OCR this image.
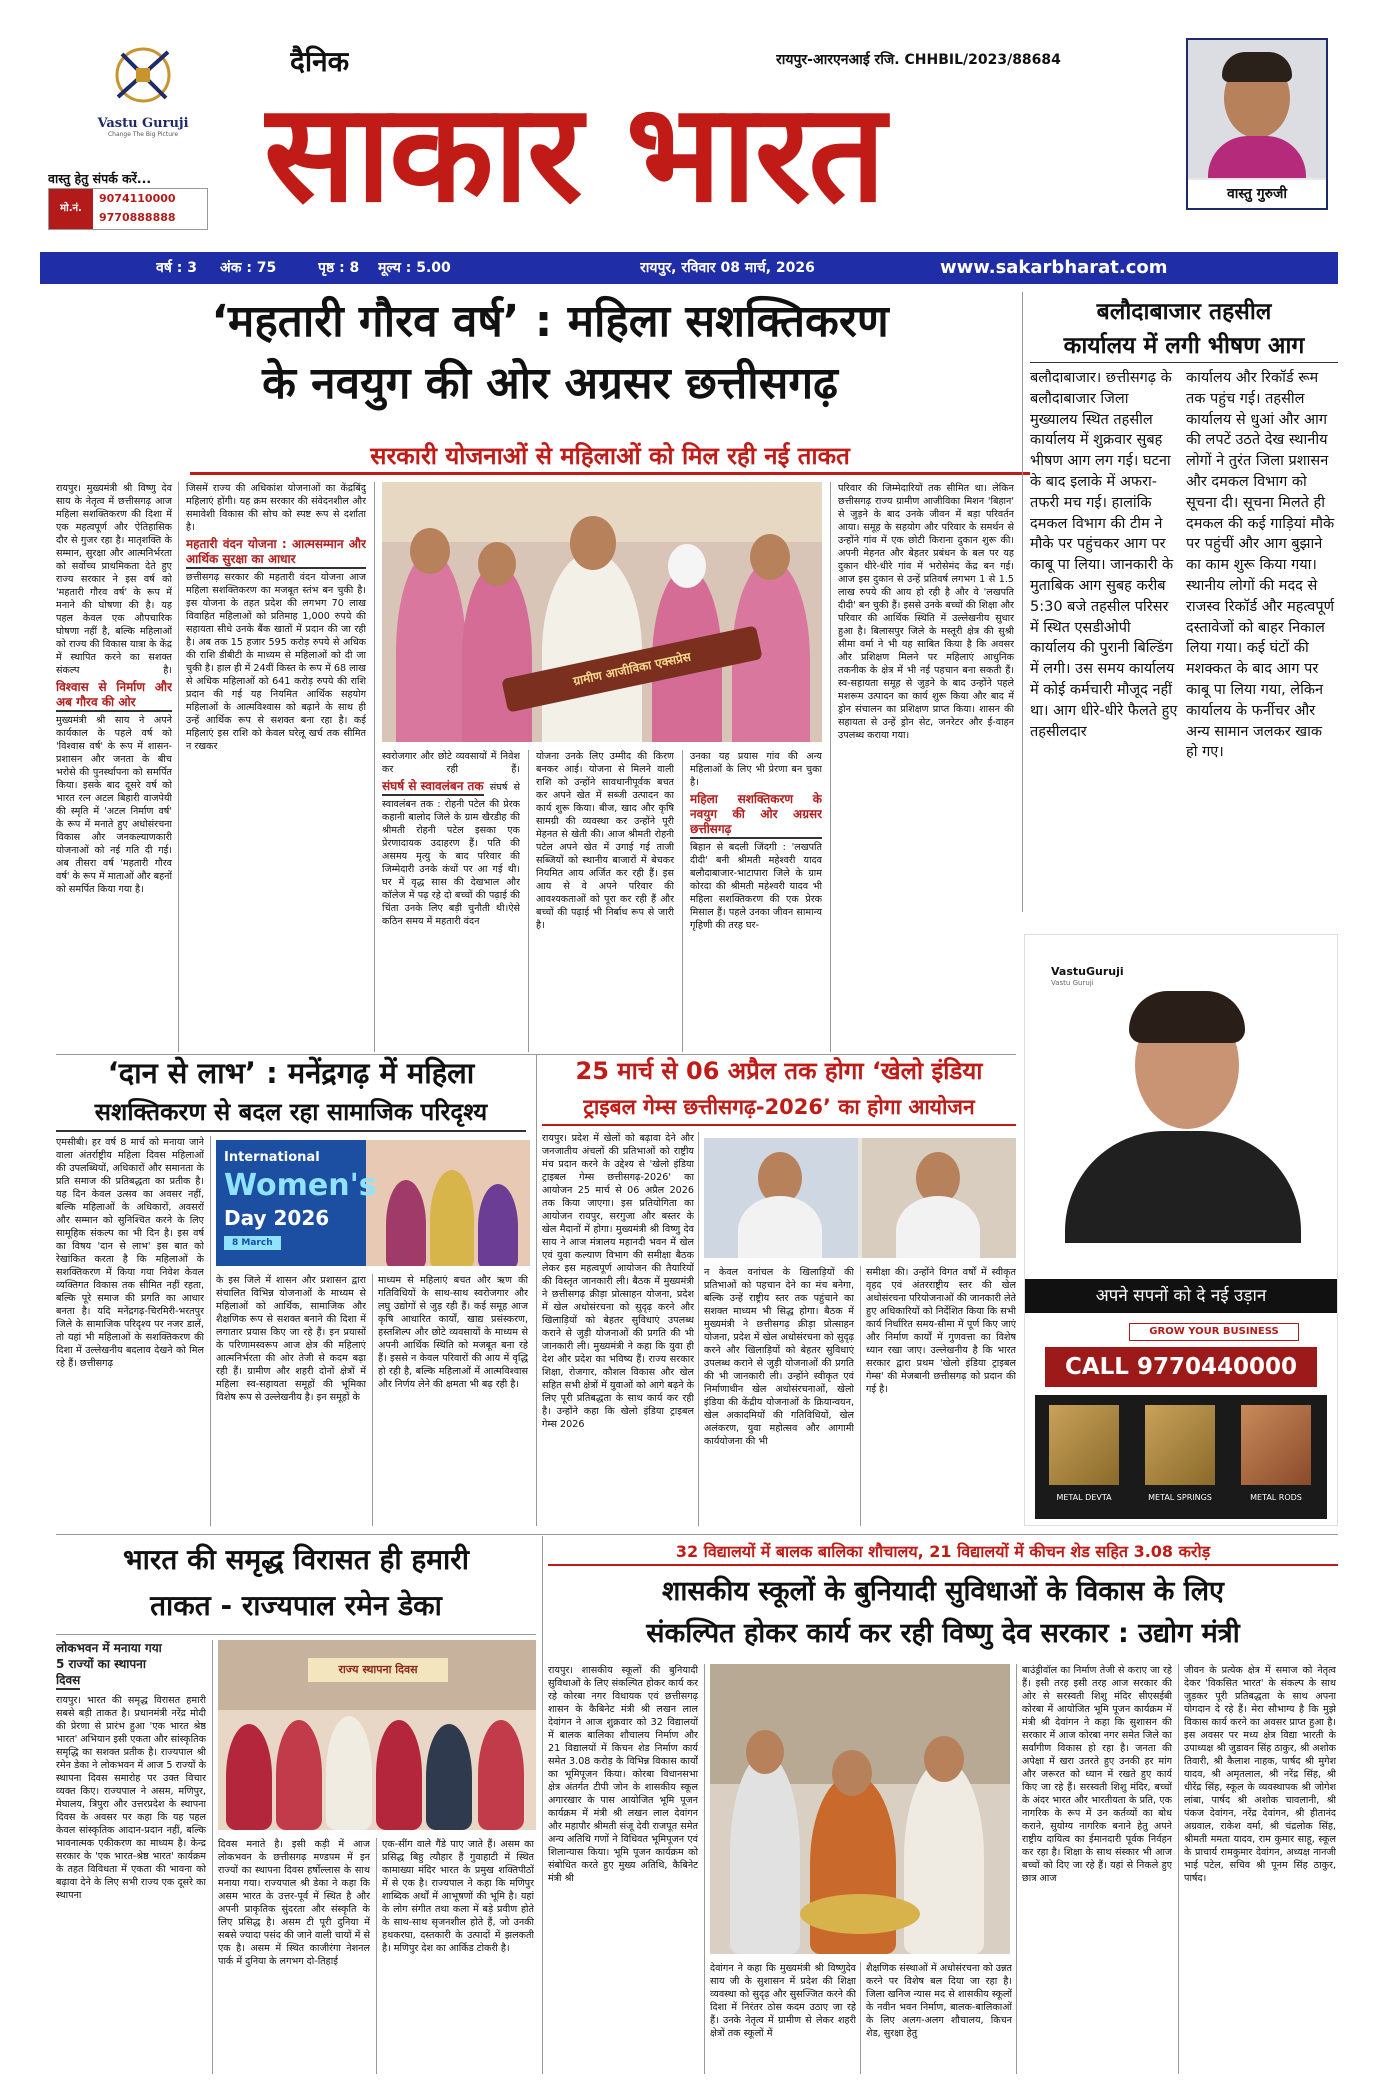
Vastu Guruji
Change The Big Picture
वास्तु हेतु संपर्क करें...
मो.नं.
9074110000
9770888888
दैनिक	रायपुर-आरएनआई रजि. CHHBIL/2023/88684
साकार भारत	वास्तु गुरुजी
वर्ष : 3 अंक : 75	पृष्ठ : 8 मूल्य : 5.00	रायपुर, रविवार 08 मार्च, 2026	www.sakarbharat.com
‘महतारी गौरव वर्ष’ : महिला सशक्तिकरण
के नवयुग की ओर अग्रसर छत्तीसगढ़
सरकारी योजनाओं से महिलाओं को मिल रही नई ताकत
रायपुर। मुख्यमंत्री श्री विष्णु देव साय के नेतृत्व में छत्तीसगढ़ आज महिला सशक्तिकरण की दिशा में एक महत्वपूर्ण और ऐतिहासिक दौर से गुजर रहा है। मातृशक्ति के सम्मान, सुरक्षा और आत्मनिर्भरता को सर्वोच्च प्राथमिकता देते हुए राज्य सरकार ने इस वर्ष को 'महतारी गौरव वर्ष' के रूप में मनाने की घोषणा की है। यह पहल केवल एक औपचारिक घोषणा नहीं है, बल्कि महिलाओं को राज्य की विकास यात्रा के केंद्र में स्थापित करने का सशक्त संकल्प है। विश्वास से निर्माण और अब गौरव की ओर मुख्यमंत्री श्री साय ने अपने कार्यकाल के पहले वर्ष को 'विश्वास वर्ष' के रूप में शासन-प्रशासन और जनता के बीच भरोसे की पुनर्स्थापना को समर्पित किया। इसके बाद दूसरे वर्ष को भारत रत्न अटल बिहारी वाजपेयी की स्मृति में 'अटल निर्माण वर्ष' के रूप में मनाते हुए अधोसंरचना विकास और जनकल्याणकारी योजनाओं को नई गति दी गई। अब तीसरा वर्ष 'महतारी गौरव वर्ष' के रूप में माताओं और बहनों को समर्पित किया गया है।
जिसमें राज्य की अधिकांश योजनाओं का केंद्रबिंदु महिलाएं होंगी। यह क्रम सरकार की संवेदनशील और समावेशी विकास की सोच को स्पष्ट रूप से दर्शाता है। महतारी वंदन योजना : आत्मसम्मान और आर्थिक सुरक्षा का आधार छत्तीसगढ़ सरकार की महतारी वंदन योजना आज महिला सशक्तिकरण का मजबूत स्तंभ बन चुकी है। इस योजना के तहत प्रदेश की लगभग 70 लाख विवाहित महिलाओं को प्रतिमाह 1,000 रुपये की सहायता सीधे उनके बैंक खातों में प्रदान की जा रही है। अब तक 15 हजार 595 करोड़ रुपये से अधिक की राशि डीबीटी के माध्यम से महिलाओं को दी जा चुकी है। हाल ही में 24वीं किस्त के रूप में 68 लाख से अधिक महिलाओं को 641 करोड़ रुपये की राशि प्रदान की गई यह नियमित आर्थिक सहयोग महिलाओं के आत्मविश्वास को बढ़ाने के साथ ही उन्हें आर्थिक रूप से सशक्त बना रहा है। कई महिलाएं इस राशि को केवल घरेलू खर्च तक सीमित न रखकर
ग्रामीण आजीविका एक्सप्रेस
स्वरोजगार और छोटे व्यवसायों में निवेश कर रही हैं। संघर्ष से स्वावलंबन तक संघर्ष से स्वावलंबन तक : रोहनी पटेल की प्रेरक कहानी बालोद जिले के ग्राम खैरडीह की श्रीमती रोहनी पटेल इसका एक प्रेरणादायक उदाहरण हैं। पति की असमय मृत्यु के बाद परिवार की जिम्मेदारी उनके कंधों पर आ गई थी। घर में वृद्ध सास की देखभाल और कॉलेज में पढ़ रहे दो बच्चों की पढ़ाई की चिंता उनके लिए बड़ी चुनौती थी।ऐसे कठिन समय में महतारी वंदन
योजना उनके लिए उम्मीद की किरण बनकर आई। योजना से मिलने वाली राशि को उन्होंने सावधानीपूर्वक बचत कर अपने खेत में सब्जी उत्पादन का कार्य शुरू किया। बीज, खाद और कृषि सामग्री की व्यवस्था कर उन्होंने पूरी मेहनत से खेती की। आज श्रीमती रोहनी पटेल अपने खेत में उगाई गई ताजी सब्जियों को स्थानीय बाजारों में बेचकर नियमित आय अर्जित कर रही हैं। इस आय से वे अपने परिवार की आवश्यकताओं को पूरा कर रही हैं और बच्चों की पढ़ाई भी निर्बाध रूप से जारी है।
उनका यह प्रयास गांव की अन्य महिलाओं के लिए भी प्रेरणा बन चुका है। महिला सशक्तिकरण के नवयुग की ओर अग्रसर छत्तीसगढ़ बिहान से बदली जिंदगी : 'लखपति दीदी' बनी श्रीमती महेश्वरी यादव बलौदाबाजार-भाटापारा जिले के ग्राम कोरदा की श्रीमती महेश्वरी यादव भी महिला सशक्तिकरण की एक प्रेरक मिसाल हैं। पहले उनका जीवन सामान्य गृहिणी की तरह घर-
परिवार की जिम्मेदारियों तक सीमित था। लेकिन छत्तीसगढ़ राज्य ग्रामीण आजीविका मिशन 'बिहान' से जुड़ने के बाद उनके जीवन में बड़ा परिवर्तन आया। समूह के सहयोग और परिवार के समर्थन से उन्होंने गांव में एक छोटी किराना दुकान शुरू की। अपनी मेहनत और बेहतर प्रबंधन के बल पर यह दुकान धीरे-धीरे गांव में भरोसेमंद केंद्र बन गई। आज इस दुकान से उन्हें प्रतिवर्ष लगभग 1 से 1.5 लाख रुपये की आय हो रही है और वे 'लखपति दीदी' बन चुकी हैं। इससे उनके बच्चों की शिक्षा और परिवार की आर्थिक स्थिति में उल्लेखनीय सुधार हुआ है। बिलासपुर जिले के मस्तूरी क्षेत्र की सुश्री सीमा वर्मा ने भी यह साबित किया है कि अवसर और प्रशिक्षण मिलने पर महिलाएं आधुनिक तकनीक के क्षेत्र में भी नई पहचान बना सकती हैं। स्व-सहायता समूह से जुड़ने के बाद उन्होंने पहले मशरूम उत्पादन का कार्य शुरू किया और बाद में ड्रोन संचालन का प्रशिक्षण प्राप्त किया। शासन की सहायता से उन्हें ड्रोन सेट, जनरेटर और ई-वाहन उपलब्ध कराया गया।
बलौदाबाजार तहसील
कार्यालय में लगी भीषण आग
बलौदाबाजार। छत्तीसगढ़ के बलौदाबाजार जिला मुख्यालय स्थित तहसील कार्यालय में शुक्रवार सुबह भीषण आग लग गई। घटना के बाद इलाके में अफरा-तफरी मच गई। हालांकि दमकल विभाग की टीम ने मौके पर पहुंचकर आग पर काबू पा लिया। जानकारी के मुताबिक आग सुबह करीब 5:30 बजे तहसील परिसर में स्थित एसडीओपी कार्यालय की पुरानी बिल्डिंग में लगी। उस समय कार्यालय में कोई कर्मचारी मौजूद नहीं था। आग धीरे-धीरे फैलते हुए तहसीलदार
कार्यालय और रिकॉर्ड रूम तक पहुंच गई। तहसील कार्यालय से धुआं और आग की लपटें उठते देख स्थानीय लोगों ने तुरंत जिला प्रशासन और दमकल विभाग को सूचना दी। सूचना मिलते ही दमकल की कई गाड़ियां मौके पर पहुंचीं और आग बुझाने का काम शुरू किया गया। स्थानीय लोगों की मदद से राजस्व रिकॉर्ड और महत्वपूर्ण दस्तावेजों को बाहर निकाल लिया गया। कई घंटों की मशक्कत के बाद आग पर काबू पा लिया गया, लेकिन कार्यालय के फर्नीचर और अन्य सामान जलकर खाक हो गए।
VastuGuruji
Vastu Guruji
अपने सपनों को दे नई उड़ान
GROW YOUR BUSINESS
CALL 9770440000
METAL DEVTA	METAL SPRINGS	METAL RODS
‘दान से लाभ’ : मनेंद्रगढ़ में महिला
सशक्तिकरण से बदल रहा सामाजिक परिदृश्य
एमसीबी। हर वर्ष 8 मार्च को मनाया जाने वाला अंतर्राष्ट्रीय महिला दिवस महिलाओं की उपलब्धियों, अधिकारों और समानता के प्रति समाज की प्रतिबद्धता का प्रतीक है। यह दिन केवल उत्सव का अवसर नहीं, बल्कि महिलाओं के अधिकारों, अवसरों और सम्मान को सुनिश्चित करने के लिए सामूहिक संकल्प का भी दिन है। इस वर्ष का विषय 'दान से लाभ' इस बात को रेखांकित करता है कि महिलाओं के सशक्तिकरण में किया गया निवेश केवल व्यक्तिगत विकास तक सीमित नहीं रहता, बल्कि पूरे समाज की प्रगति का आधार बनता है। यदि मनेंद्रगढ़-चिरमिरी-भरतपुर जिले के सामाजिक परिदृश्य पर नजर डालें, तो यहां भी महिलाओं के सशक्तिकरण की दिशा में उल्लेखनीय बदलाव देखने को मिल रहे हैं। छत्तीसगढ़
International
Women's
Day 2026
8 March
के इस जिले में शासन और प्रशासन द्वारा संचालित विभिन्न योजनाओं के माध्यम से महिलाओं को आर्थिक, सामाजिक और शैक्षणिक रूप से सशक्त बनाने की दिशा में लगातार प्रयास किए जा रहे हैं। इन प्रयासों के परिणामस्वरूप आज क्षेत्र की महिलाएं आत्मनिर्भरता की ओर तेजी से कदम बढ़ा रही हैं। ग्रामीण और शहरी दोनों क्षेत्रों में महिला स्व-सहायता समूहों की भूमिका विशेष रूप से उल्लेखनीय है। इन समूहों के
माध्यम से महिलाएं बचत और ऋण की गतिविधियों के साथ-साथ स्वरोजगार और लघु उद्योगों से जुड़ रही हैं। कई समूह आज कृषि आधारित कार्यों, खाद्य प्रसंस्करण, हस्तशिल्प और छोटे व्यवसायों के माध्यम से अपनी आर्थिक स्थिति को मजबूत बना रहे हैं। इससे न केवल परिवारों की आय में वृद्धि हो रही है, बल्कि महिलाओं में आत्मविश्वास और निर्णय लेने की क्षमता भी बढ़ रही है।
25 मार्च से 06 अप्रैल तक होगा ‘खेलो इंडिया
ट्राइबल गेम्स छत्तीसगढ़-2026’ का होगा आयोजन
रायपुर। प्रदेश में खेलों को बढ़ावा देने और जनजातीय अंचलों की प्रतिभाओं को राष्ट्रीय मंच प्रदान करने के उद्देश्य से 'खेलो इंडिया ट्राइबल गेम्स छत्तीसगढ़-2026' का आयोजन 25 मार्च से 06 अप्रैल 2026 तक किया जाएगा। इस प्रतियोगिता का आयोजन रायपुर, सरगुजा और बस्तर के खेल मैदानों में होगा। मुख्यमंत्री श्री विष्णु देव साय ने आज मंत्रालय महानदी भवन में खेल एवं युवा कल्याण विभाग की समीक्षा बैठक लेकर इस महत्वपूर्ण आयोजन की तैयारियों की विस्तृत जानकारी ली। बैठक में मुख्यमंत्री ने छत्तीसगढ़ क्रीड़ा प्रोत्साहन योजना, प्रदेश में खेल अधोसंरचना को सुदृढ़ करने और खिलाड़ियों को बेहतर सुविधाएं उपलब्ध कराने से जुड़ी योजनाओं की प्रगति की भी जानकारी ली। मुख्यमंत्री ने कहा कि युवा ही देश और प्रदेश का भविष्य हैं। राज्य सरकार शिक्षा, रोजगार, कौशल विकास और खेल सहित सभी क्षेत्रों में युवाओं को आगे बढ़ने के लिए पूरी प्रतिबद्धता के साथ कार्य कर रही है। उन्होंने कहा कि खेलो इंडिया ट्राइबल गेम्स 2026
न केवल वनांचल के खिलाड़ियों की प्रतिभाओं को पहचान देने का मंच बनेगा, बल्कि उन्हें राष्ट्रीय स्तर तक पहुंचाने का सशक्त माध्यम भी सिद्ध होगा। बैठक में मुख्यमंत्री ने छत्तीसगढ़ क्रीड़ा प्रोत्साहन योजना, प्रदेश में खेल अधोसंरचना को सुदृढ़ करने और खिलाड़ियों को बेहतर सुविधाएं उपलब्ध कराने से जुड़ी योजनाओं की प्रगति की भी जानकारी ली। उन्होंने स्वीकृत एवं निर्माणाधीन खेल अधोसंरचनाओं, खेलो इंडिया की केंद्रीय योजनाओं के क्रियान्वयन, खेल अकादमियों की गतिविधियों, खेल अलंकरण, युवा महोत्सव और आगामी कार्ययोजना की भी
समीक्षा की। उन्होंने विगत वर्षों में स्वीकृत वृहद एवं अंतरराष्ट्रीय स्तर की खेल अधोसंरचना परियोजनाओं की जानकारी लेते हुए अधिकारियों को निर्देशित किया कि सभी कार्य निर्धारित समय-सीमा में पूर्ण किए जाएं और निर्माण कार्यों में गुणवत्ता का विशेष ध्यान रखा जाए। उल्लेखनीय है कि भारत सरकार द्वारा प्रथम 'खेलो इंडिया ट्राइबल गेम्स' की मेजबानी छत्तीसगढ़ को प्रदान की गई है।
भारत की समृद्ध विरासत ही हमारी
ताकत - राज्यपाल रमेन डेका
लोकभवन में मनाया गया
5 राज्यों का स्थापना
दिवस
रायपुर। भारत की समृद्ध विरासत हमारी सबसे बड़ी ताकत है। प्रधानमंत्री नरेंद्र मोदी की प्रेरणा से प्रारंभ हुआ 'एक भारत श्रेष्ठ भारत' अभियान इसी एकता और सांस्कृतिक समृद्धि का सशक्त प्रतीक है। राज्यपाल श्री रमेन डेका ने लोकभवन में आज 5 राज्यों के स्थापना दिवस समारोह पर उक्त विचार व्यक्त किए। राज्यपाल ने असम, मणिपुर, मेघालय, त्रिपुरा और उत्तरप्रदेश के स्थापना दिवस के अवसर पर कहा कि यह पहल केवल सांस्कृतिक आदान-प्रदान नहीं, बल्कि भावनात्मक एकीकरण का माध्यम है। केन्द्र सरकार के 'एक भारत-श्रेष्ठ भारत' कार्यक्रम के तहत विविधता में एकता की भावना को बढ़ावा देने के लिए सभी राज्य एक दूसरे का स्थापना
राज्य स्थापना दिवस
दिवस मनाते है। इसी कड़ी में आज लोकभवन के छत्तीसगढ़ मण्डपम में इन राज्यों का स्थापना दिवस हर्षोल्लास के साथ मनाया गया। राज्यपाल श्री डेका ने कहा कि असम भारत के उत्तर-पूर्व में स्थित है और अपनी प्राकृतिक सुंदरता और संस्कृति के लिए प्रसिद्ध है। असम टी पूरी दुनिया में सबसे ज्यादा पसंद की जाने वाली चायों में से एक है। असम में स्थित काजीरंगा नेशनल पार्क में दुनिया के लगभग दो-तिहाई
एक-सींग वाले गैंडे पाए जाते हैं। असम का प्रसिद्ध बिहु त्यौहार हैं गुवाहाटी में स्थित कामाख्या मंदिर भारत के प्रमुख शक्तिपीठों में से एक है। राज्यपाल ने कहा कि मणिपुर शाब्दिक अर्थों में आभूषणों की भूमि है। यहां के लोग संगीत तथा कला में बड़े प्रवीण होते के साथ-साथ सृजनशील होते हैं, जो उनकी हथकरघा, दस्तकारी के उत्पादों में झलकती है। मणिपुर देश का आर्किड टोकरी है।
32 विद्यालयों में बालक बालिका शौचालय, 21 विद्यालयों में कीचन शेड सहित 3.08 करोड़
शासकीय स्कूलों के बुनियादी सुविधाओं के विकास के लिए
संकल्पित होकर कार्य कर रही विष्णु देव सरकार : उद्योग मंत्री
रायपुर। शासकीय स्कूलों की बुनियादी सुविधाओं के लिए संकल्पित होकर कार्य कर रहे कोरबा नगर विधायक एवं छत्तीसगढ़ शासन के कैबिनेट मंत्री श्री लखन लाल देवांगन ने आज शुक्रवार को 32 विद्यालयों में बालक बालिका शौचालय निर्माण और 21 विद्यालयों में किचन शेड निर्माण कार्य समेत 3.08 करोड़ के विभिन्न विकास कार्यों का भूमिपूजन किया। कोरबा विधानसभा क्षेत्र अंतर्गत टीपी जोन के शासकीय स्कूल अगारखार के पास आयोजित भूमि पूजन कार्यक्रम में मंत्री श्री लखन लाल देवांगन और महापौर श्रीमती संजू देवी राजपूत समेत अन्य अतिथि गणों ने विधिवत भूमिपूजन एवं शिलान्यास किया। भूमि पूजन कार्यक्रम को संबोधित करते हुए मुख्य अतिथि, कैबिनेट मंत्री श्री
देवांगन ने कहा कि मुख्यमंत्री श्री विष्णुदेव साय जी के सुशासन में प्रदेश की शिक्षा व्यवस्था को सुदृढ़ और सुसज्जित करने की दिशा में निरंतर ठोस कदम उठाए जा रहे हैं। उनके नेतृत्व में ग्रामीण से लेकर शहरी क्षेत्रों तक स्कूलों में
शैक्षणिक संस्थाओं में अधोसंरचना को उन्नत करने पर विशेष बल दिया जा रहा है। जिला खनिज न्यास मद से शासकीय स्कूलों के नवीन भवन निर्माण, बालक-बालिकाओं के लिए अलग-अलग शौचालय, किचन शेड, सुरक्षा हेतु
बाउंड्रीवॉल का निर्माण तेजी से कराए जा रहे हैं। इसी तरह इसी तरह आज सरकार की ओर से सरस्वती शिशु मंदिर सीएसईबी कोरबा में आयोजित भूमि पूजन कार्यक्रम में मंत्री श्री देवांगन ने कहा कि सुशासन की सरकार में आज कोरबा नगर समेत जिले का सर्वांगीण विकास हो रहा है। जनता की अपेक्षा में खरा उतरते हुए उनकी हर मांग और जरूरत को ध्यान में रखते हुए कार्य किए जा रहे हैं। सरस्वती शिशु मंदिर, बच्चों के अंदर भारत और भारतीयता के प्रति, एक नागरिक के रूप में उन कर्तव्यों का बोध कराने, सुयोग्य नागरिक बनाने हेतु अपने राष्ट्रीय दायित्व का ईमानदारी पूर्वक निर्वहन कर रहा है। शिक्षा के साथ संस्कार भी आज बच्चों को दिए जा रहे हैं। यहां से निकले हुए छात्र आज
जीवन के प्रत्येक क्षेत्र में समाज को नेतृत्व देकर 'विकसित भारत' के संकल्प के साथ जुड़कर पूरी प्रतिबद्धता के साथ अपना योगदान दे रहे हैं। मेरा सौभाग्य है कि मुझे विकास कार्य करने का अवसर प्राप्त हुआ है। इस अवसर पर मध्य क्षेत्र विद्या भारती के उपाध्यक्ष श्री जुडावन सिंह ठाकुर, श्री अशोक तिवारी, श्री कैलाश नाहक, पार्षद श्री मुगेश यादव, श्री अमृतलाल, श्री नरेंद्र सिंह, श्री धीरेंद्र सिंह, स्कूल के व्यवस्थापक श्री जोगेश लांबा, पार्षद श्री अशोक चावलानी, श्री पंकज देवांगन, नरेंद्र देवांगन, श्री हीतानंद अग्रवाल, राकेश वर्मा, श्री चंद्रलोक सिंह, श्रीमती ममता यादव, राम कुमार साहू, स्कूल के प्राचार्य रामकुमार देवांगन, अध्यक्ष नानजी भाई पटेल, सचिव श्री पूनम सिंह ठाकुर, पार्षद।
